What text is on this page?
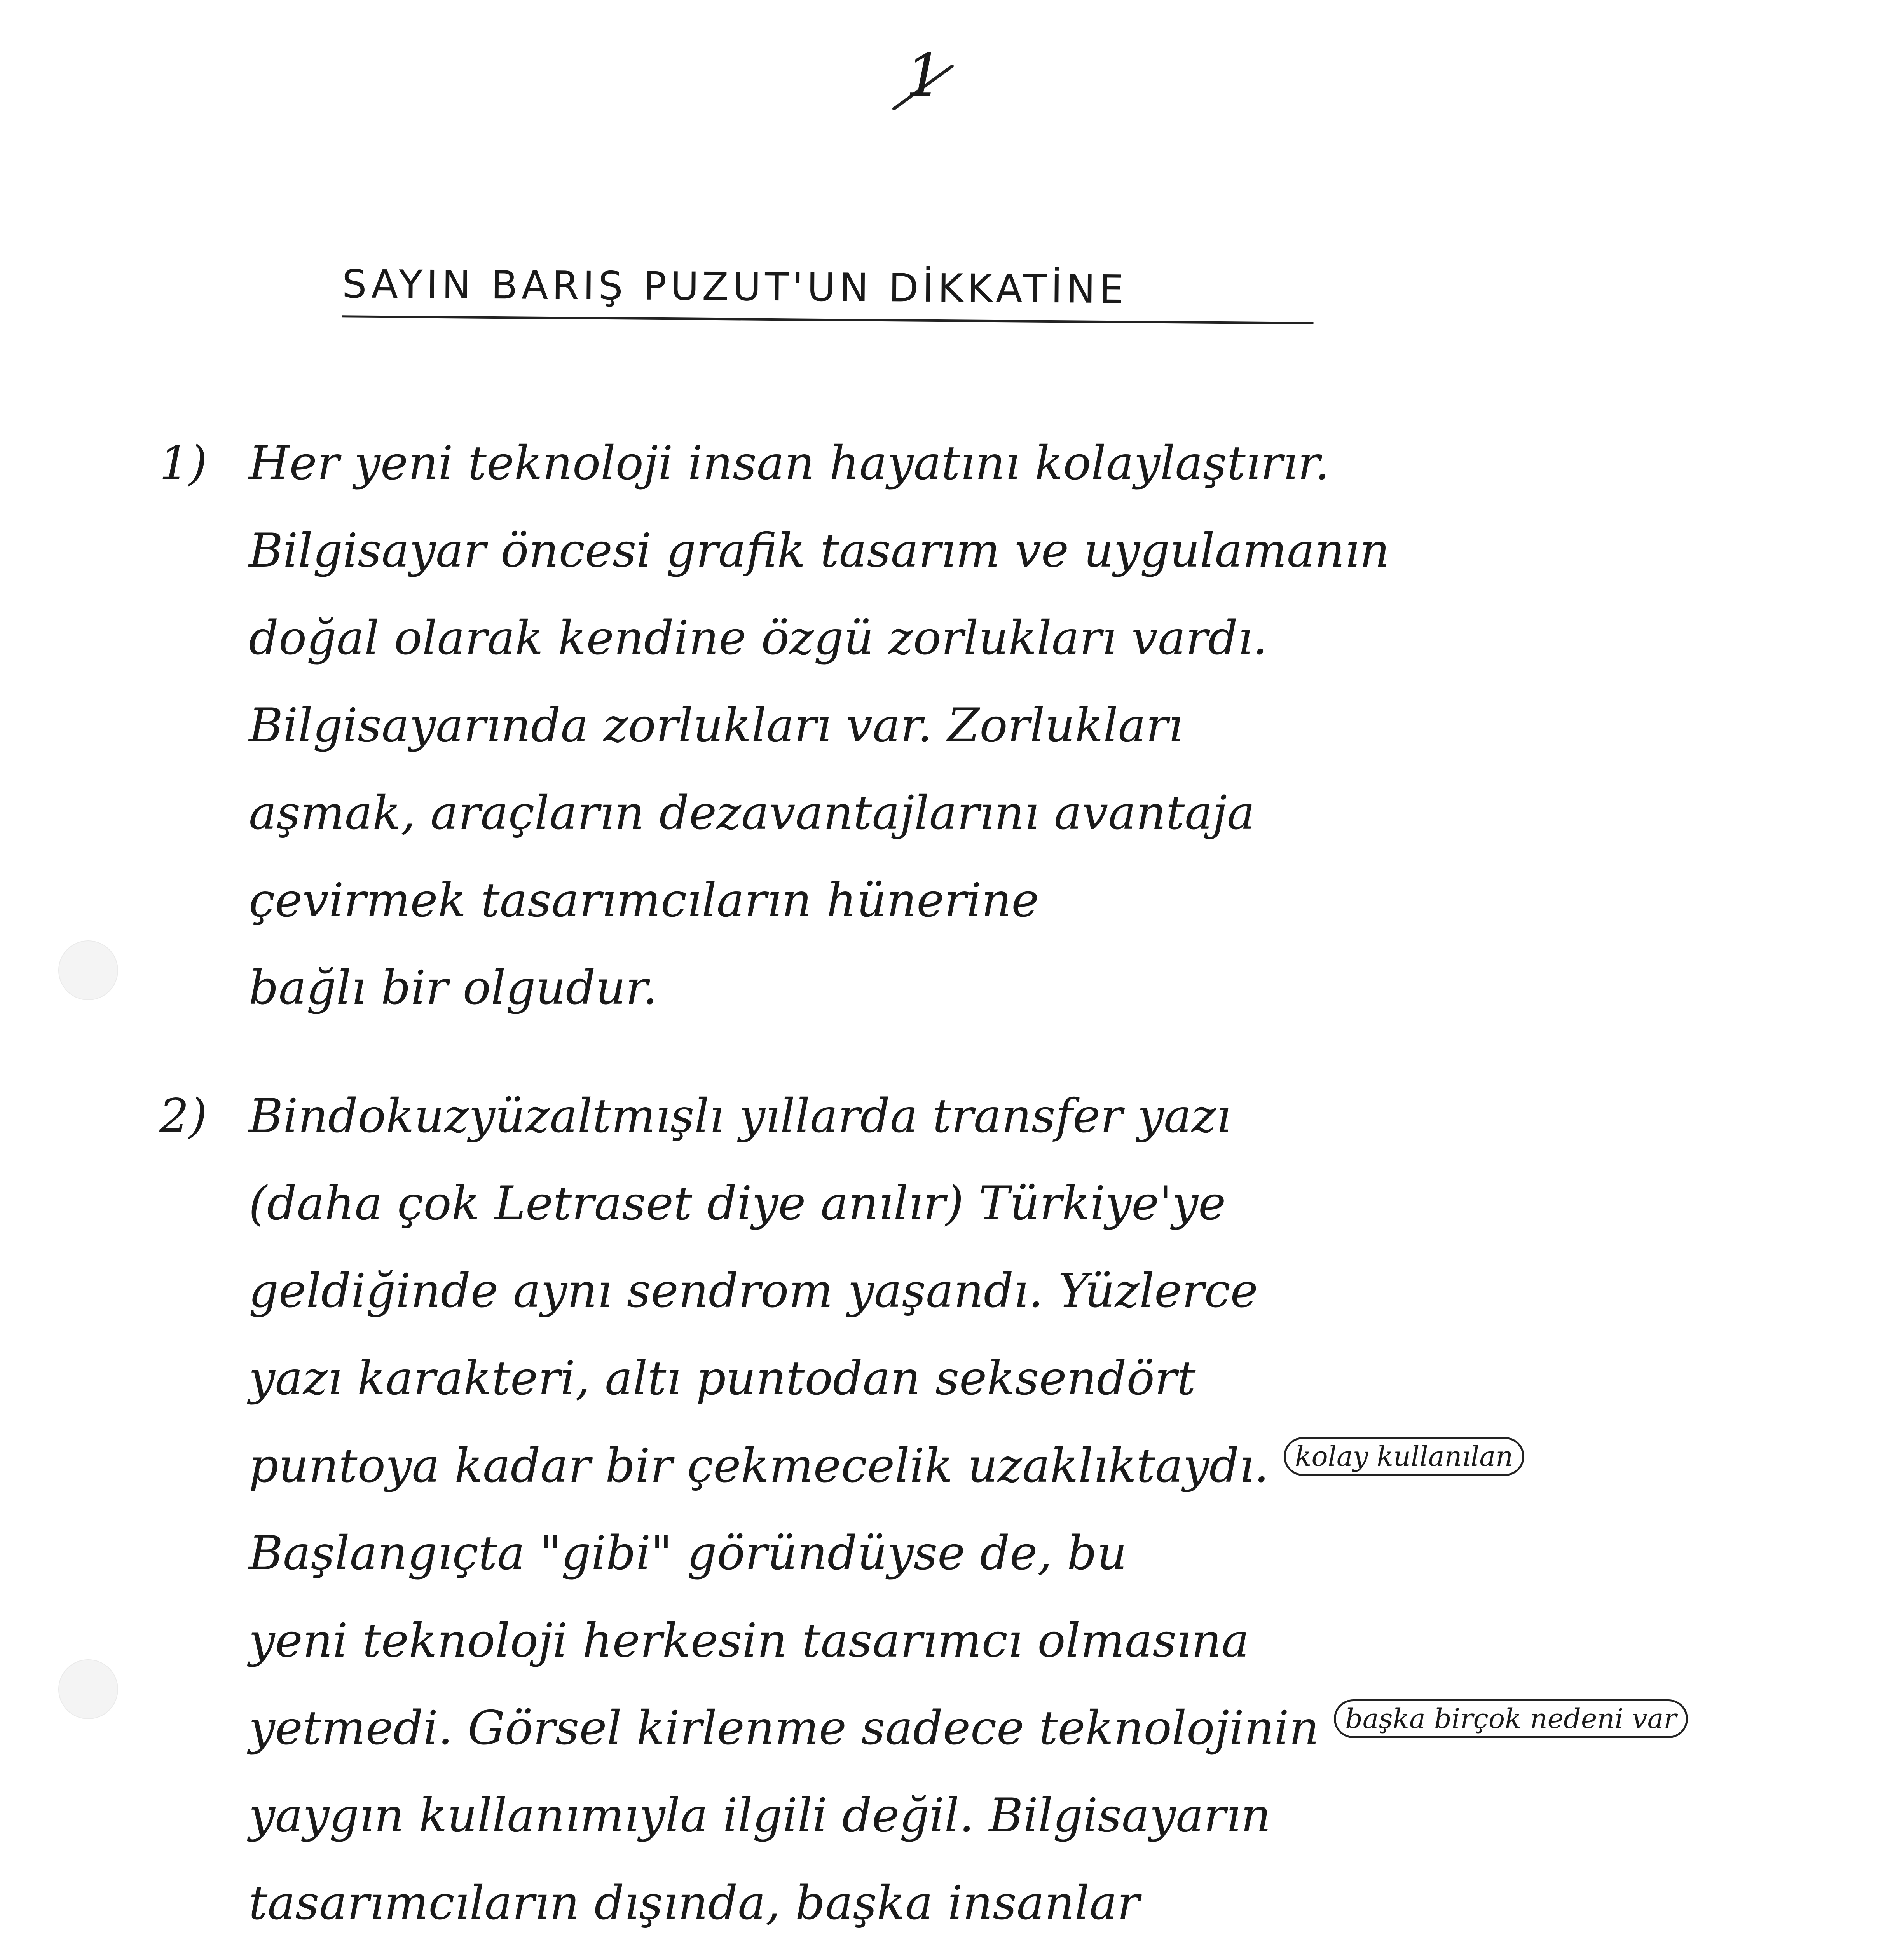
1
SAYIN BARIŞ PUZUT'UN DİKKATİNE
1) Her yeni teknoloji insan hayatını kolaylaştırır.
Bilgisayar öncesi grafik tasarım ve uygulamanın
doğal olarak kendine özgü zorlukları vardı.
Bilgisayarında zorlukları var. Zorlukları
aşmak, araçların dezavantajlarını avantaja
çevirmek tasarımcıların hünerine
bağlı bir olgudur.
2) Bindokuzyüzaltmışlı yıllarda transfer yazı
(daha çok Letraset diye anılır) Türkiye'ye
geldiğinde aynı sendrom yaşandı. Yüzlerce
yazı karakteri, altı puntodan seksendört
puntoya kadar bir çekmecelik uzaklıktaydı. kolay kullanılan
Başlangıçta "gibi" göründüyse de, bu
yeni teknoloji herkesin tasarımcı olmasına
yetmedi. Görsel kirlenme sadece teknolojinin başka birçok nedeni var
yaygın kullanımıyla ilgili değil. Bilgisayarın
tasarımcıların dışında, başka insanlar
